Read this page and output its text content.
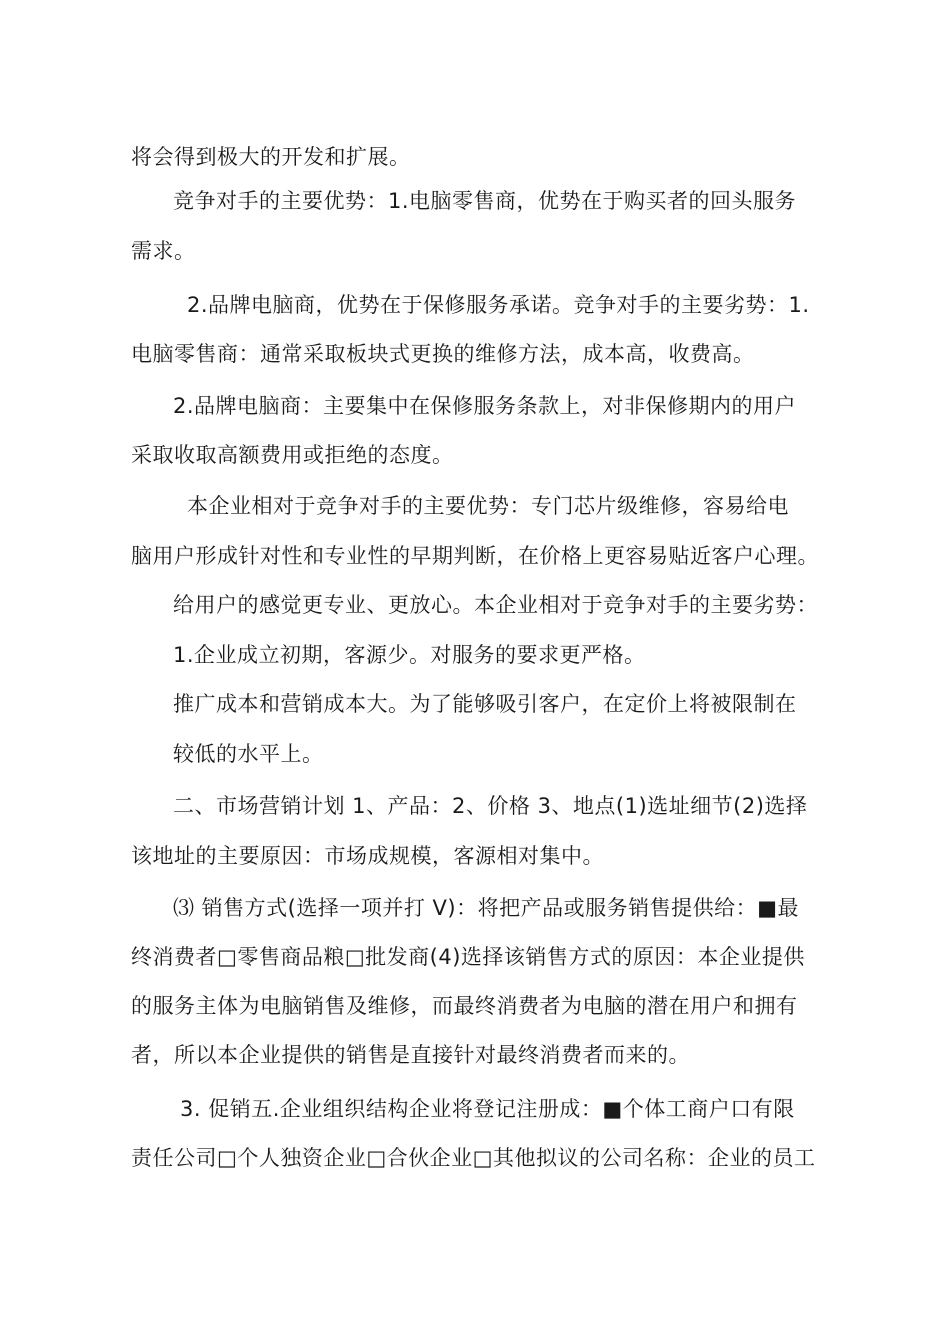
将会得到极大的开发和扩展。
竞争对手的主要优势：1.电脑零售商，优势在于购买者的回头服务
需求。
2.品牌电脑商，优势在于保修服务承诺。竞争对手的主要劣势：1.
电脑零售商：通常采取板块式更换的维修方法，成本高，收费高。
2.品牌电脑商：主要集中在保修服务条款上，对非保修期内的用户
采取收取高额费用或拒绝的态度。
本企业相对于竞争对手的主要优势：专门芯片级维修，容易给电
脑用户形成针对性和专业性的早期判断，在价格上更容易贴近客户心理。
给用户的感觉更专业、更放心。本企业相对于竞争对手的主要劣势：
1.企业成立初期，客源少。对服务的要求更严格。
推广成本和营销成本大。为了能够吸引客户，在定价上将被限制在
较低的水平上。
二、市场营销计划 1、产品：2、价格 3、地点(1)选址细节(2)选择
该地址的主要原因：市场成规模，客源相对集中。
⑶ 销售方式(选择一项并打 V)：将把产品或服务销售提供给：■最
终消费者□零售商品粮□批发商(4)选择该销售方式的原因：本企业提供
的服务主体为电脑销售及维修，而最终消费者为电脑的潜在用户和拥有
者，所以本企业提供的销售是直接针对最终消费者而来的。
3. 促销五.企业组织结构企业将登记注册成：■个体工商户口有限
责任公司□个人独资企业□合伙企业□其他拟议的公司名称：企业的员工
